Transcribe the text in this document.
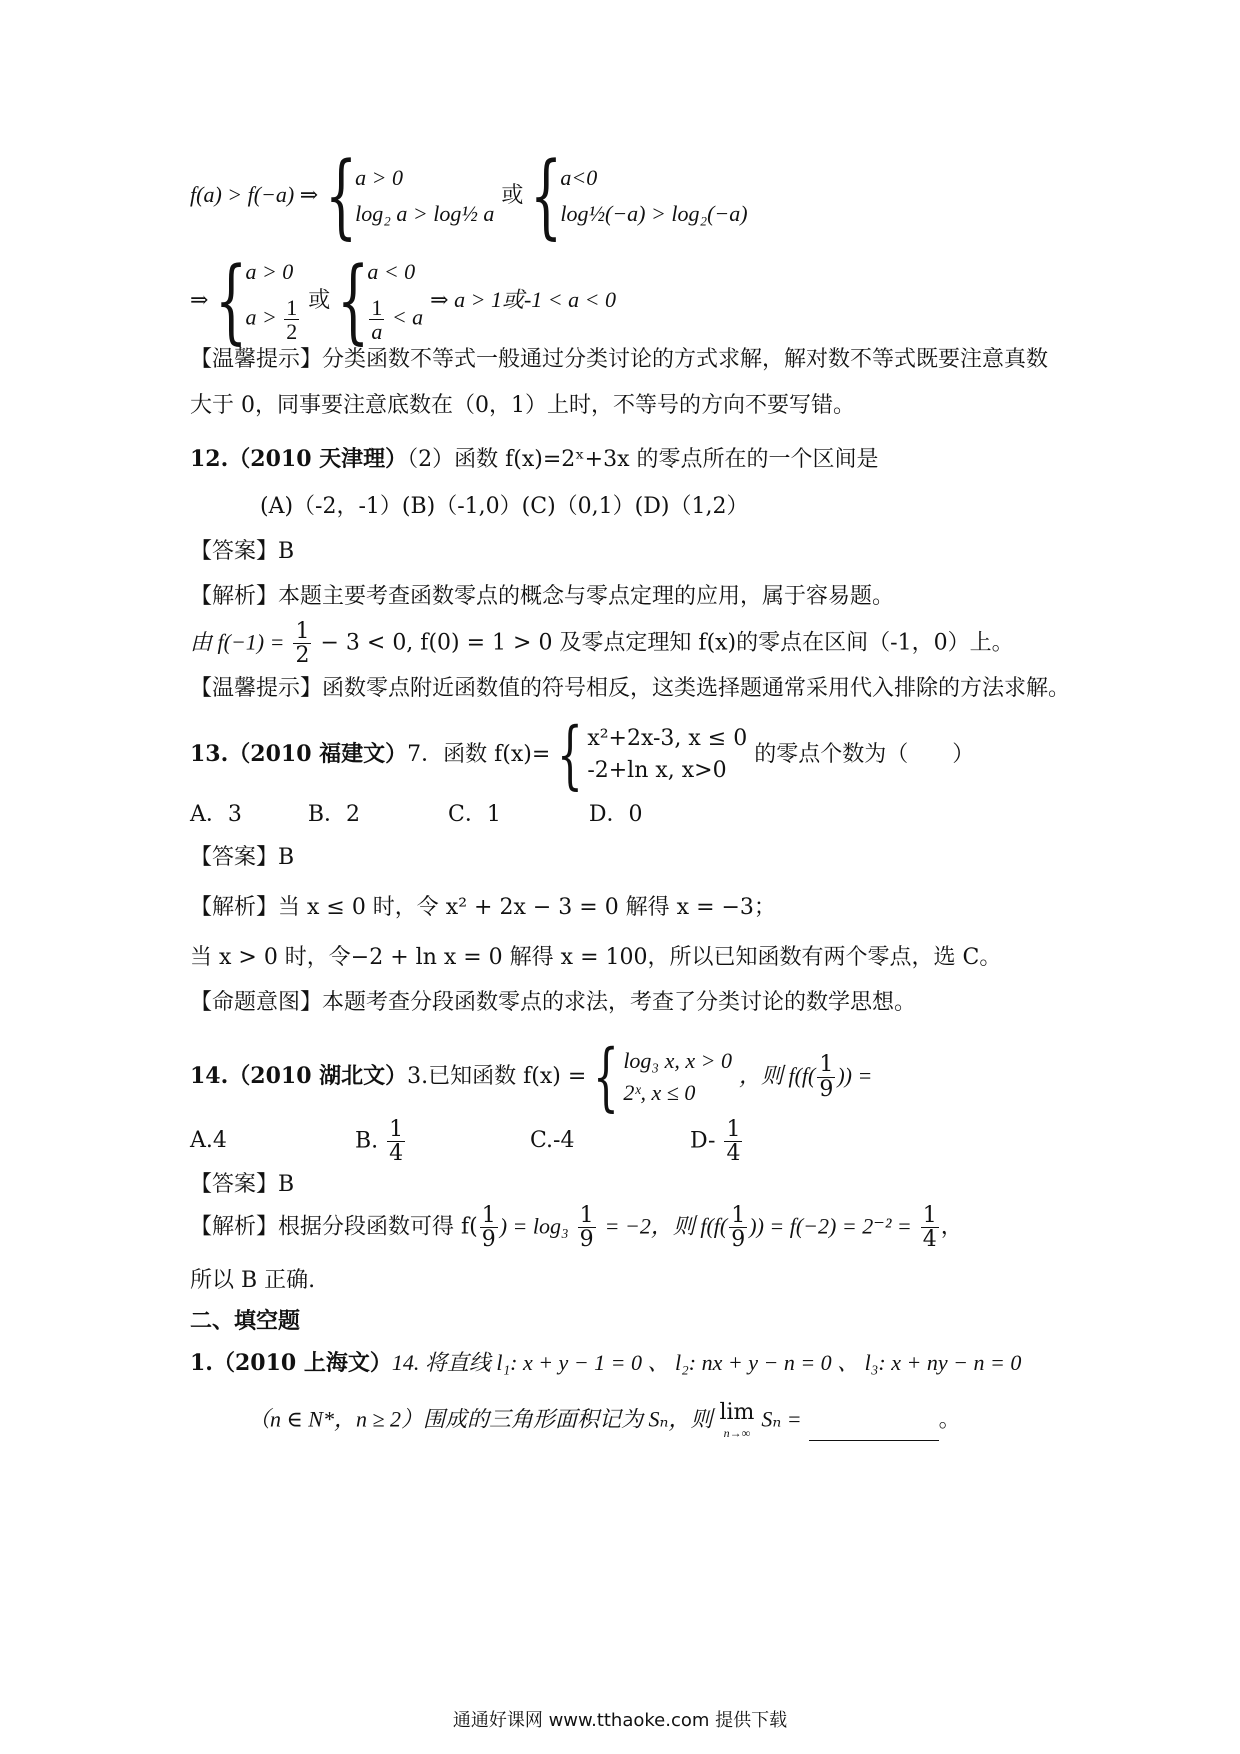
f(a) > f(−a) ⇒ {
a > 0
log₂ a > log½ a
或 {
a<0
log½(−a) > log₂(−a)
⇒ {
a > 0
$a > \frac{1}{2}$ 或 {
a < 0
$\frac{1}{a} < a$
⇒ a > 1或-1 < a < 0
【温馨提示】分类函数不等式一般通过分类讨论的方式求解，解对数不等式既要注意真数
大于 0，同事要注意底数在（0，1）上时，不等号的方向不要写错。
12.（2010 天津理）（2）函数 f(x)=2ˣ+3x 的零点所在的一个区间是
(A)（-2，-1）(B)（-1,0）(C)（0,1）(D)（1,2）
【答案】B
【解析】本题主要考查函数零点的概念与零点定理的应用，属于容易题。
由 $f(-1) = \frac{1}{2} - 3 < 0$, f(0) = 1 > 0 及零点定理知 f(x)的零点在区间（-1，0）上。
【温馨提示】函数零点附近函数值的符号相反，这类选择题通常采用代入排除的方法求解。
13.（2010 福建文）7．函数 f(x)= { x²+2x-3, x ≤ 0
-2+ln x, x>0
的零点个数为（　　）
A．3　　　B．2　　　　C．1　　　　D．0
【答案】B
【解析】当 x ≤ 0 时，令 x² + 2x − 3 = 0 解得 x = −3；
当 x > 0 时，令−2 + ln x = 0 解得 x = 100，所以已知函数有两个零点，选 C。
【命题意图】本题考查分段函数零点的求法，考查了分类讨论的数学思想。
14.（2010 湖北文）3.已知函数 f(x) = { log₃ x, x > 0
2ˣ, x ≤ 0
，则 $f(f( \frac{1}{9}$ )) =
A.4	B. $\frac{1}{4}$	C.-4	$D- \frac{1}{4}$
【答案】B
【解析】根据分段函数可得 $f( \frac{1}{9}$ ) = $\log_3 \frac{1}{9} = -2$，则 $f(f( \frac{1}{9}$ )) = $f(-2) = 2^{-2} = \frac{1}{4}$ ，
所以 B 正确.
二、填空题
1.（2010 上海文）14. 将直线 l₁: x + y − 1 = 0 、 l₂: nx + y − n = 0 、 l₃: x + ny − n = 0
（n ∈ N*，n ≥ 2）围成的三角形面积记为 Sₙ，则 lim
n→∞
Sₙ =	。
通通好课网 www.tthaoke.com 提供下载
